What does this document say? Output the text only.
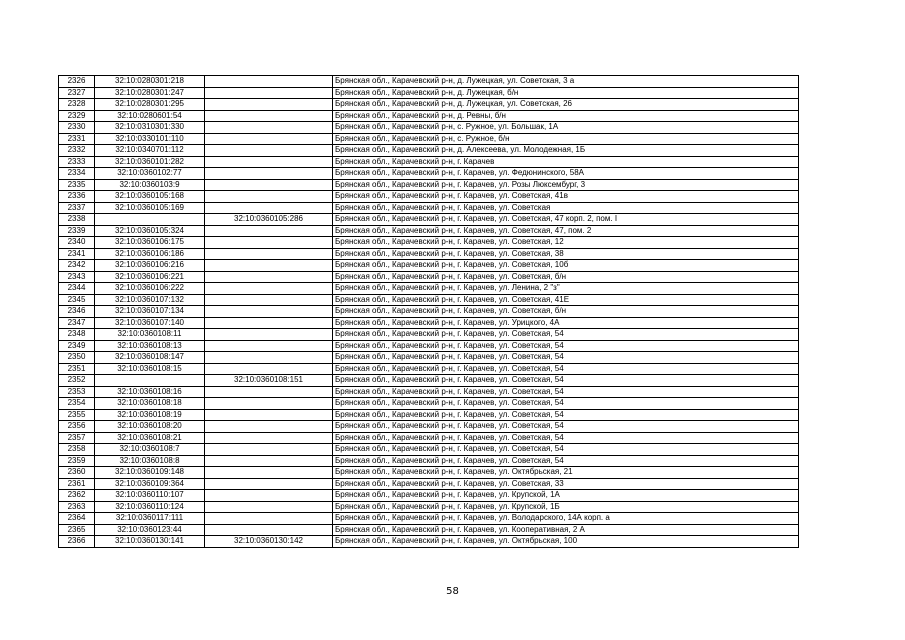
2326	32:10:0280301:218		Брянская обл., Карачевский р-н, д. Лужецкая, ул. Советская, 3 а
2327	32:10:0280301:247		Брянская обл., Карачевский р-н, д. Лужецкая, б/н
2328	32:10:0280301:295		Брянская обл., Карачевский р-н, д. Лужецкая, ул. Советская, 26
2329	32:10:0280601:54		Брянская обл., Карачевский р-н, д. Ревны, б/н
2330	32:10:0310301:330		Брянская обл., Карачевский р-н, с. Ружное, ул. Большак, 1А
2331	32:10:0330101:110		Брянская обл., Карачевский р-н, с. Ружное, б/н
2332	32:10:0340701:112		Брянская обл., Карачевский р-н, д. Алексеева, ул. Молодежная, 1Б
2333	32:10:0360101:282		Брянская обл., Карачевский р-н, г. Карачев
2334	32:10:0360102:77		Брянская обл., Карачевский р-н, г. Карачев, ул. Федюнинского, 58А
2335	32:10:0360103:9		Брянская обл., Карачевский р-н, г. Карачев, ул. Розы Люксембург, 3
2336	32:10:0360105:168		Брянская обл., Карачевский р-н, г. Карачев, ул. Советская, 41в
2337	32:10:0360105:169		Брянская обл., Карачевский р-н, г. Карачев, ул. Советская
2338		32:10:0360105:286	Брянская обл., Карачевский р-н, г. Карачев, ул. Советская, 47 корп. 2, пом. I
2339	32:10:0360105:324		Брянская обл., Карачевский р-н, г. Карачев, ул. Советская, 47, пом. 2
2340	32:10:0360106:175		Брянская обл., Карачевский р-н, г. Карачев, ул. Советская, 12
2341	32:10:0360106:186		Брянская обл., Карачевский р-н, г. Карачев, ул. Советская, 38
2342	32:10:0360106:216		Брянская обл., Карачевский р-н, г. Карачев, ул. Советская, 10б
2343	32:10:0360106:221		Брянская обл., Карачевский р-н, г. Карачев, ул. Советская, б/н
2344	32:10:0360106:222		Брянская обл., Карачевский р-н, г. Карачев, ул. Ленина, 2 "з"
2345	32:10:0360107:132		Брянская обл., Карачевский р-н, г. Карачев, ул. Советская, 41Е
2346	32:10:0360107:134		Брянская обл., Карачевский р-н, г. Карачев, ул. Советская, б/н
2347	32:10:0360107:140		Брянская обл., Карачевский р-н, г. Карачев, ул. Урицкого, 4А
2348	32:10:0360108:11		Брянская обл., Карачевский р-н, г. Карачев, ул. Советская, 54
2349	32:10:0360108:13		Брянская обл., Карачевский р-н, г. Карачев, ул. Советская, 54
2350	32:10:0360108:147		Брянская обл., Карачевский р-н, г. Карачев, ул. Советская, 54
2351	32:10:0360108:15		Брянская обл., Карачевский р-н, г. Карачев, ул. Советская, 54
2352		32:10:0360108:151	Брянская обл., Карачевский р-н, г. Карачев, ул. Советская, 54
2353	32:10:0360108:16		Брянская обл., Карачевский р-н, г. Карачев, ул. Советская, 54
2354	32:10:0360108:18		Брянская обл., Карачевский р-н, г. Карачев, ул. Советская, 54
2355	32:10:0360108:19		Брянская обл., Карачевский р-н, г. Карачев, ул. Советская, 54
2356	32:10:0360108:20		Брянская обл., Карачевский р-н, г. Карачев, ул. Советская, 54
2357	32:10:0360108:21		Брянская обл., Карачевский р-н, г. Карачев, ул. Советская, 54
2358	32:10:0360108:7		Брянская обл., Карачевский р-н, г. Карачев, ул. Советская, 54
2359	32:10:0360108:8		Брянская обл., Карачевский р-н, г. Карачев, ул. Советская, 54
2360	32:10:0360109:148		Брянская обл., Карачевский р-н, г. Карачев, ул. Октябрьская, 21
2361	32:10:0360109:364		Брянская обл., Карачевский р-н, г. Карачев, ул. Советская, 33
2362	32:10:0360110:107		Брянская обл., Карачевский р-н, г. Карачев, ул. Крупской, 1А
2363	32:10:0360110:124		Брянская обл., Карачевский р-н, г. Карачев, ул. Крупской, 1Б
2364	32:10:0360117:111		Брянская обл., Карачевский р-н, г. Карачев, ул. Володарского, 14А корп. а
2365	32:10:0360123:44		Брянская обл., Карачевский р-н, г. Карачев, ул. Кооперативная, 2 А
2366	32:10:0360130:141	32:10:0360130:142	Брянская обл., Карачевский р-н, г. Карачев, ул. Октябрьская, 100
58
